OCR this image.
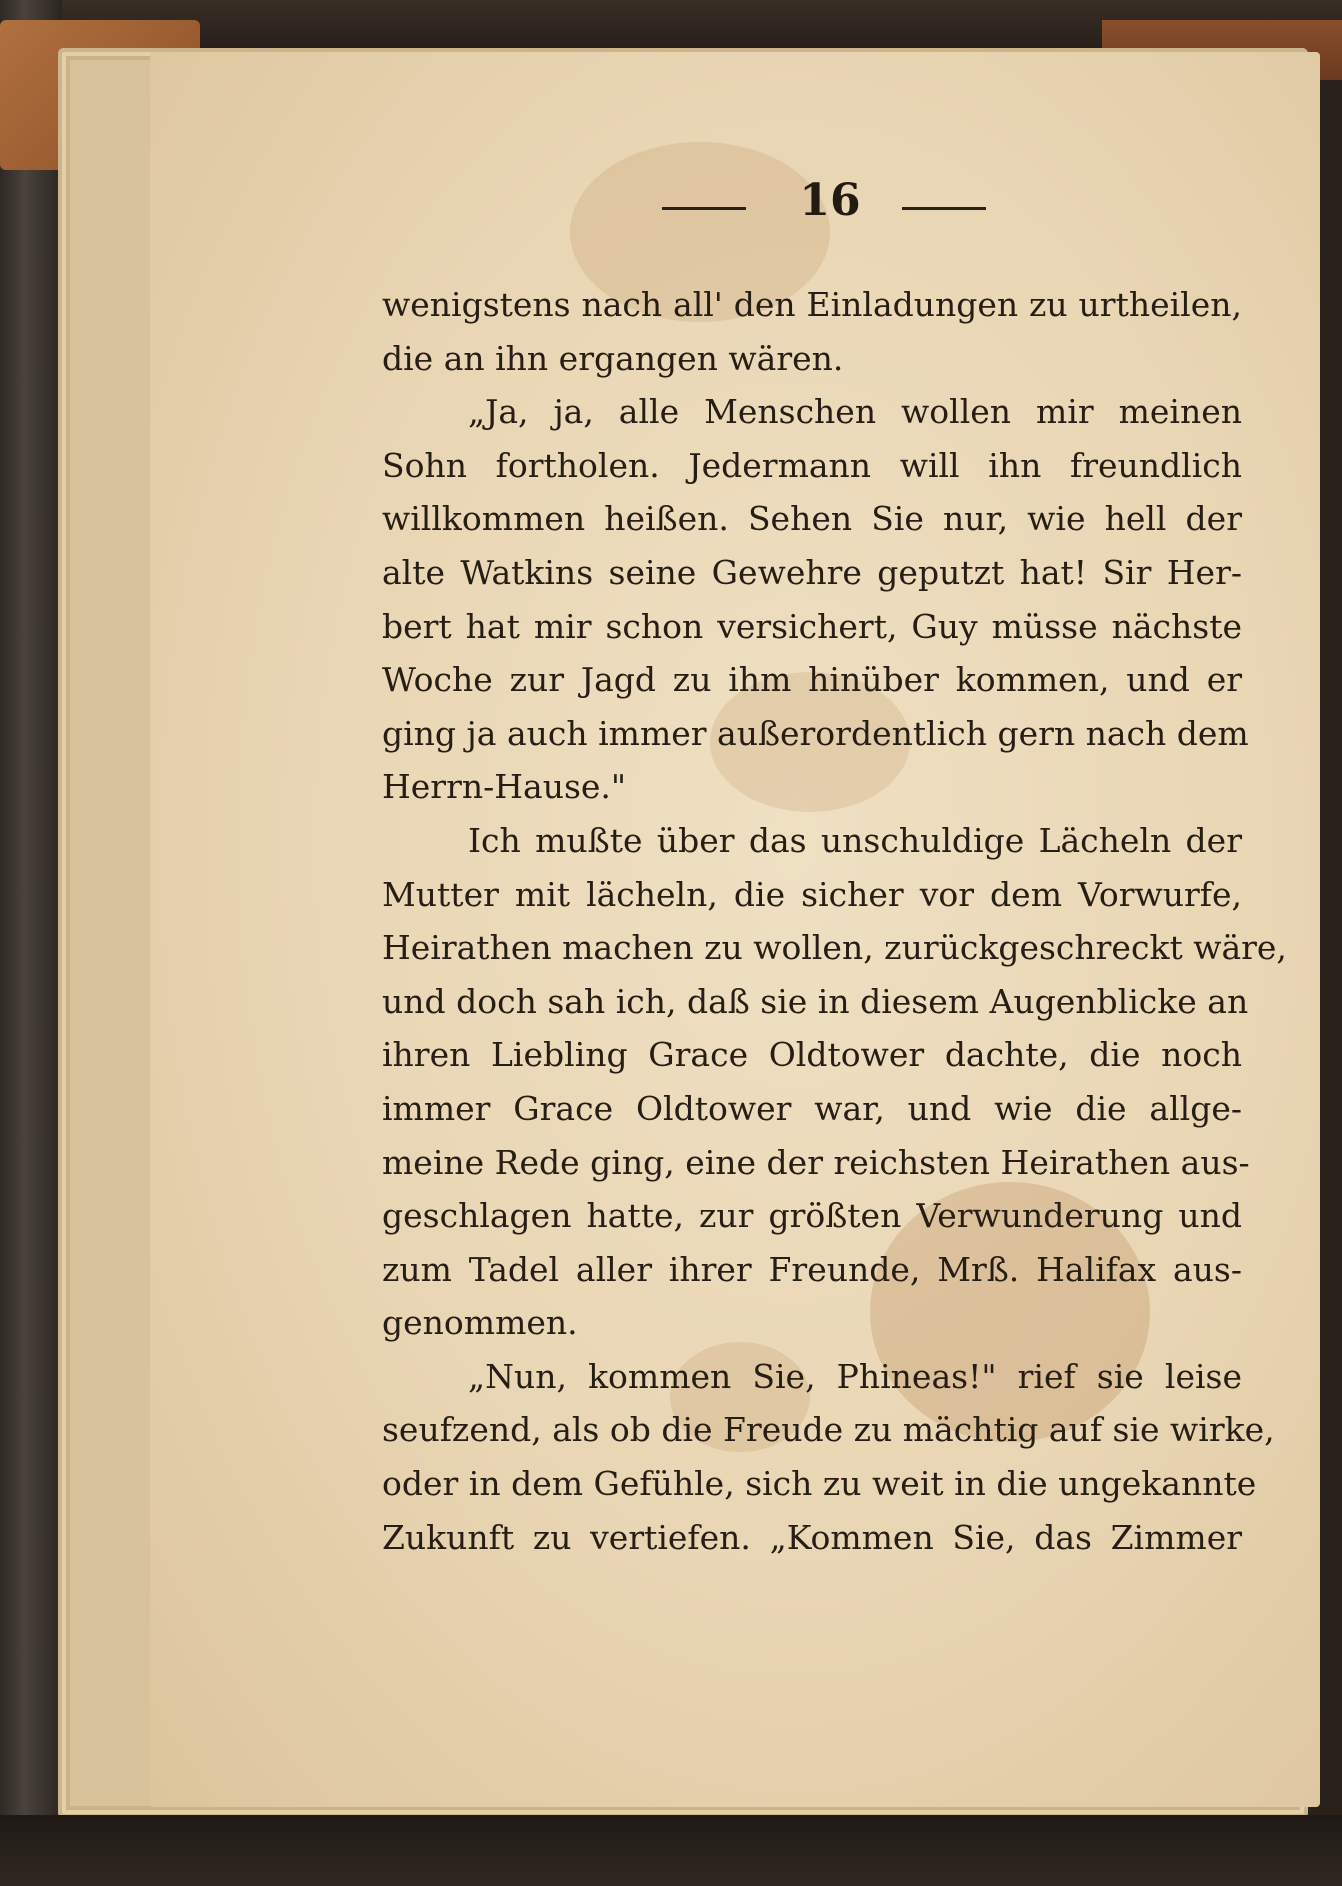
16
wenigstens nach all' den Einladungen zu urtheilen,
die an ihn ergangen wären.
„Ja, ja, alle Menschen wollen mir meinen
Sohn fortholen. Jedermann will ihn freundlich
willkommen heißen. Sehen Sie nur, wie hell der
alte Watkins seine Gewehre geputzt hat! Sir Her-
bert hat mir schon versichert, Guy müsse nächste
Woche zur Jagd zu ihm hinüber kommen, und er
ging ja auch immer außerordentlich gern nach dem
Herrn-Hause."
Ich mußte über das unschuldige Lächeln der
Mutter mit lächeln, die sicher vor dem Vorwurfe,
Heirathen machen zu wollen, zurückgeschreckt wäre,
und doch sah ich, daß sie in diesem Augenblicke an
ihren Liebling Grace Oldtower dachte, die noch
immer Grace Oldtower war, und wie die allge-
meine Rede ging, eine der reichsten Heirathen aus-
geschlagen hatte, zur größten Verwunderung und
zum Tadel aller ihrer Freunde, Mrß. Halifax aus-
genommen.
„Nun, kommen Sie, Phineas!" rief sie leise
seufzend, als ob die Freude zu mächtig auf sie wirke,
oder in dem Gefühle, sich zu weit in die ungekannte
Zukunft zu vertiefen. „Kommen Sie, das Zimmer
